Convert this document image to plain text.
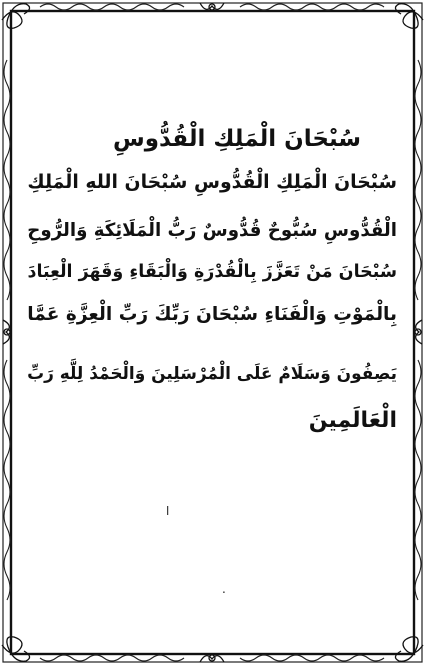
سُبْحَانَ الْمَلِكِ الْقُدُّوسِ
سُبْحَانَ الْمَلِكِ الْقُدُّوسِ سُبْحَانَ اللهِ الْمَلِكِ
الْقُدُّوسِ سُبُّوحٌ قُدُّوسٌ رَبُّ الْمَلَائِكَةِ وَالرُّوحِ
سُبْحَانَ مَنْ تَعَزَّزَ بِالْقُدْرَةِ وَالْبَقَاءِ وَقَهَرَ الْعِبَادَ
بِالْمَوْتِ وَالْفَنَاءِ سُبْحَانَ رَبِّكَ رَبِّ الْعِزَّةِ عَمَّا
يَصِفُونَ وَسَلَامٌ عَلَى الْمُرْسَلِينَ وَالْحَمْدُ لِلَّهِ رَبِّ
الْعَالَمِينَ
ا
.
